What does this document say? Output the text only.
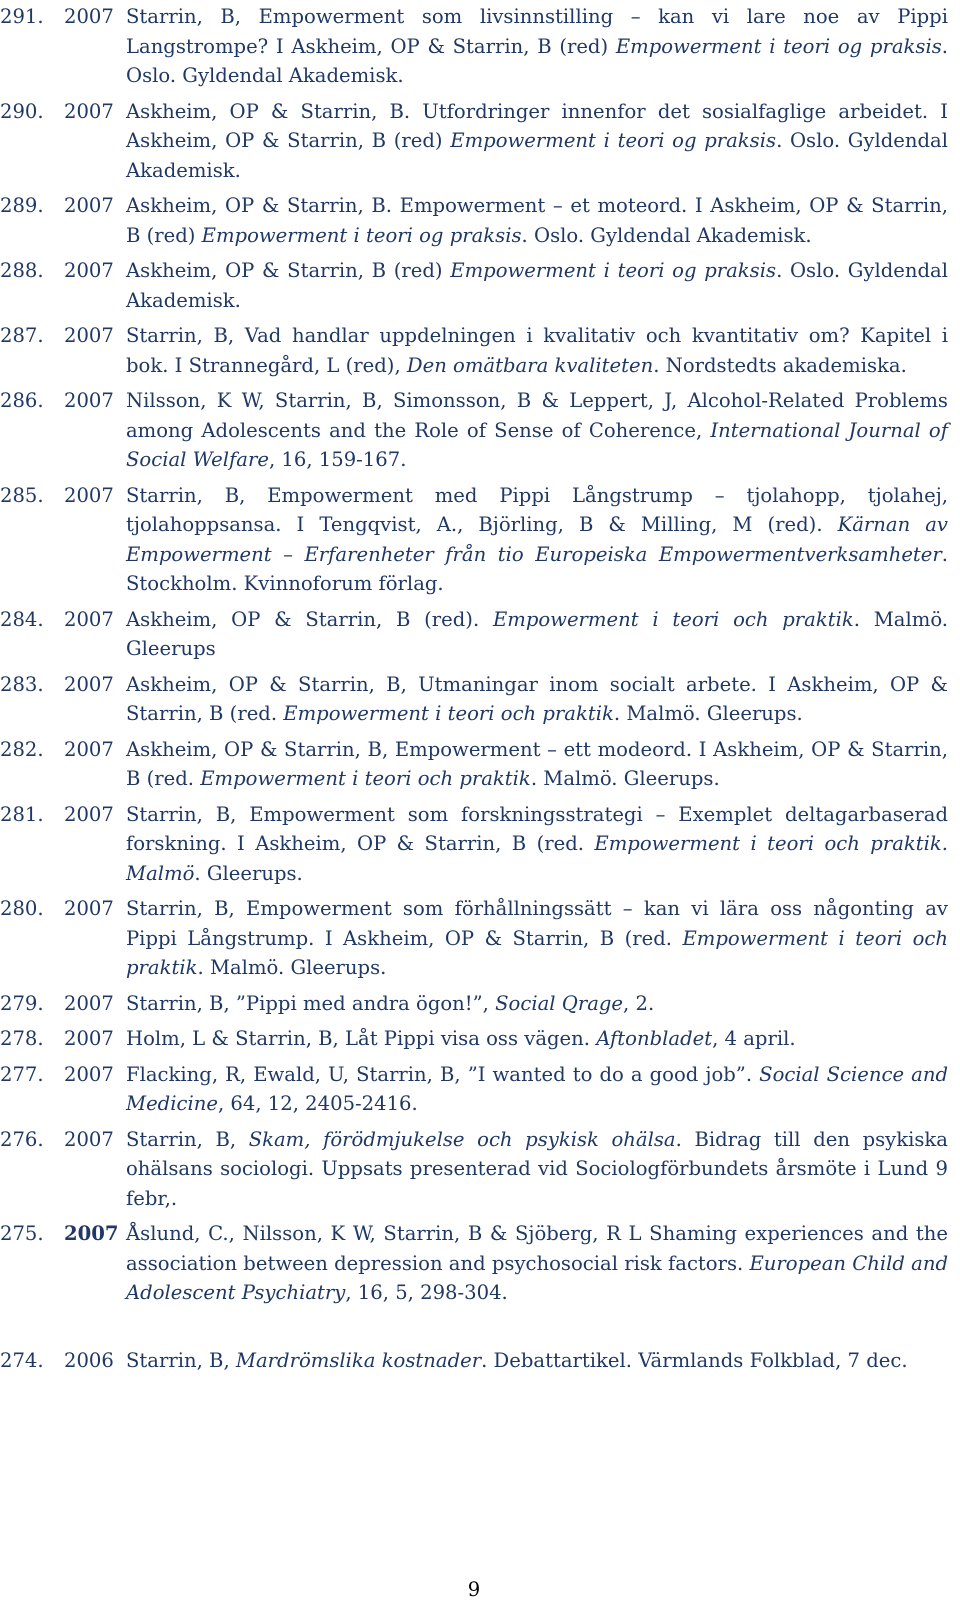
291.	2007 Starrin, B, Empowerment som livsinnstilling – kan vi lare noe av Pippi Langstrompe? I Askheim, OP & Starrin, B (red) Empowerment i teori og praksis. Oslo. Gyldendal Akademisk.
290.	2007 Askheim, OP & Starrin, B. Utfordringer innenfor det sosialfaglige arbeidet. I Askheim, OP & Starrin, B (red) Empowerment i teori og praksis. Oslo. Gyldendal Akademisk.
289.	2007 Askheim, OP & Starrin, B. Empowerment – et moteord. I Askheim, OP & Starrin, B (red) Empowerment i teori og praksis. Oslo. Gyldendal Akademisk.
288.	2007 Askheim, OP & Starrin, B (red) Empowerment i teori og praksis. Oslo. Gyldendal Akademisk.
287.	2007 Starrin, B, Vad handlar uppdelningen i kvalitativ och kvantitativ om? Kapitel i bok. I Strannegård, L (red), Den omätbara kvaliteten. Nordstedts akademiska.
286.	2007 Nilsson, K W, Starrin, B, Simonsson, B & Leppert, J, Alcohol-Related Problems among Adolescents and the Role of Sense of Coherence, International Journal of Social Welfare, 16, 159-167.
285.	2007 Starrin, B, Empowerment med Pippi Långstrump – tjolahopp, tjolahej, tjolahoppsansa. I Tengqvist, A., Björling, B & Milling, M (red). Kärnan av Empowerment – Erfarenheter från tio Europeiska Empowermentverksamheter. Stockholm. Kvinnoforum förlag.
284.	2007 Askheim, OP & Starrin, B (red). Empowerment i teori och praktik. Malmö. Gleerups
283.	2007 Askheim, OP & Starrin, B, Utmaningar inom socialt arbete. I Askheim, OP & Starrin, B (red. Empowerment i teori och praktik. Malmö. Gleerups.
282.	2007 Askheim, OP & Starrin, B, Empowerment – ett modeord. I Askheim, OP & Starrin, B (red. Empowerment i teori och praktik. Malmö. Gleerups.
281.	2007 Starrin, B, Empowerment som forskningsstrategi – Exemplet deltagarbaserad forskning. I Askheim, OP & Starrin, B (red. Empowerment i teori och praktik. Malmö. Gleerups.
280.	2007 Starrin, B, Empowerment som förhållningssätt – kan vi lära oss någonting av Pippi Långstrump. I Askheim, OP & Starrin, B (red. Empowerment i teori och praktik. Malmö. Gleerups.
279.	2007 Starrin, B, ”Pippi med andra ögon!”, Social Qrage, 2.
278.	2007 Holm, L & Starrin, B, Låt Pippi visa oss vägen. Aftonbladet, 4 april.
277.	2007 Flacking, R, Ewald, U, Starrin, B, ”I wanted to do a good job”. Social Science and Medicine, 64, 12, 2405-2416.
276.	2007 Starrin, B, Skam, förödmjukelse och psykisk ohälsa. Bidrag till den psykiska ohälsans sociologi. Uppsats presenterad vid Sociologförbundets årsmöte i Lund 9 febr,.
275.	2007 Åslund, C., Nilsson, K W, Starrin, B & Sjöberg, R L Shaming experiences and the association between depression and psychosocial risk factors. European Child and Adolescent Psychiatry, 16, 5, 298-304.
274.	2006 Starrin, B, Mardrömslika kostnader. Debattartikel. Värmlands Folkblad, 7 dec.
9
